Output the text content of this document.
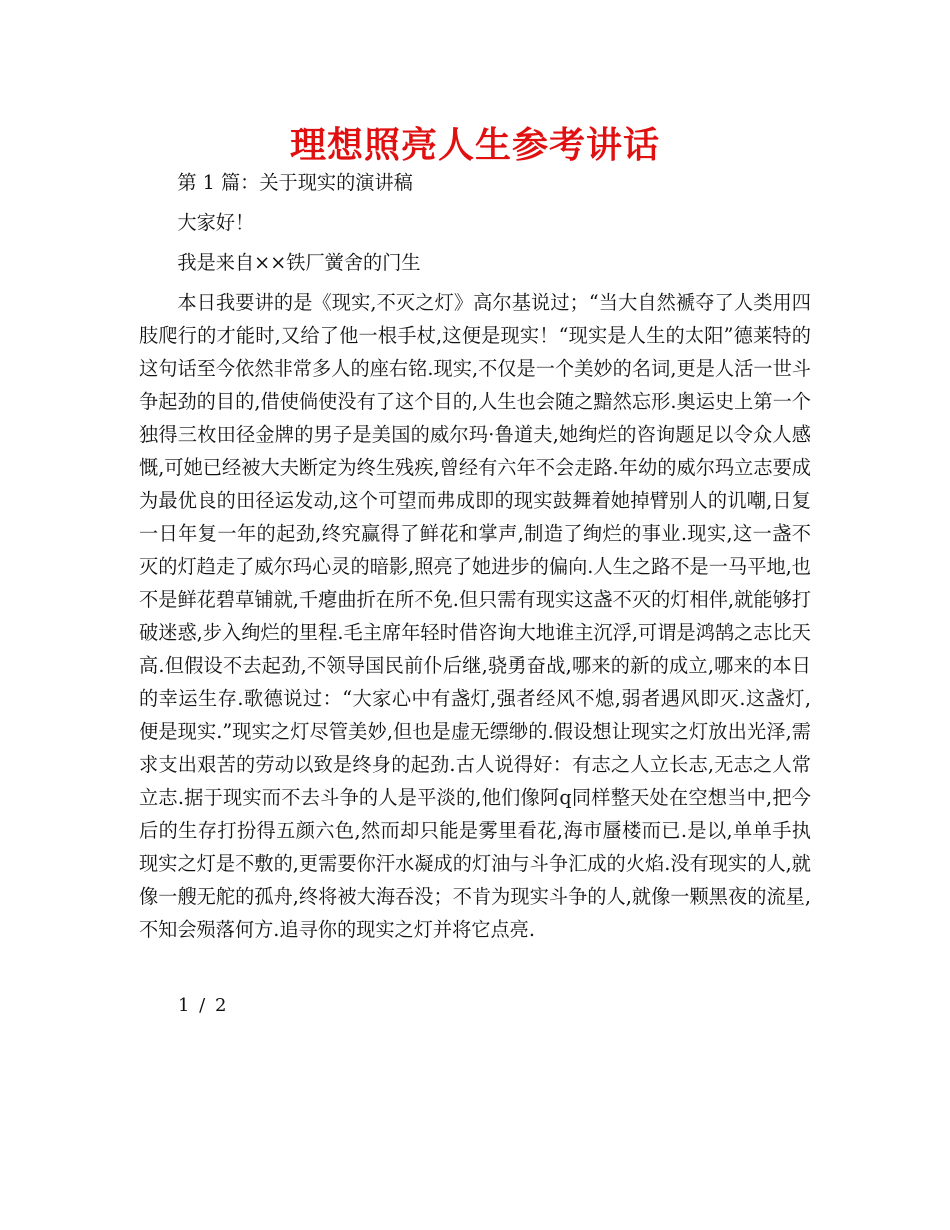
理想照亮人生参考讲话

第 1 篇：关于现实的演讲稿

大家好！

我是来自××铁厂黉舍的门生

本日我要讲的是《现实,不灭之灯》高尔基说过；“当大自然褫夺了人类用四肢爬行的才能时,又给了他一根手杖,这便是现实！“现实是人生的太阳”德莱特的这句话至今依然非常多人的座右铭.现实,不仅是一个美妙的名词,更是人活一世斗争起劲的目的,借使倘使没有了这个目的,人生也会随之黯然忘形.奥运史上第一个独得三枚田径金牌的男子是美国的威尔玛·鲁道夫,她绚烂的咨询题足以令众人感慨,可她已经被大夫断定为终生残疾,曾经有六年不会走路.年幼的威尔玛立志要成为最优良的田径运发动,这个可望而弗成即的现实鼓舞着她掉臂别人的讥嘲,日复一日年复一年的起劲,终究赢得了鲜花和掌声,制造了绚烂的事业.现实,这一盏不灭的灯趋走了威尔玛心灵的暗影,照亮了她进步的偏向.人生之路不是一马平地,也不是鲜花碧草铺就,千瘪曲折在所不免.但只需有现实这盏不灭的灯相伴,就能够打破迷惑,步入绚烂的里程.毛主席年轻时借咨询大地谁主沉浮,可谓是鸿鹄之志比天高.但假设不去起劲,不领导国民前仆后继,骁勇奋战,哪来的新的成立,哪来的本日的幸运生存.歌德说过：“大家心中有盏灯,强者经风不熄,弱者遇风即灭.这盏灯,便是现实.”现实之灯尽管美妙,但也是虚无缥缈的.假设想让现实之灯放出光泽,需求支出艰苦的劳动以致是终身的起劲.古人说得好：有志之人立长志,无志之人常立志.据于现实而不去斗争的人是平淡的,他们像阿q同样整天处在空想当中,把今后的生存打扮得五颜六色,然而却只能是雾里看花,海市蜃楼而已.是以,单单手执现实之灯是不敷的,更需要你汗水凝成的灯油与斗争汇成的火焰.没有现实的人,就像一艘无舵的孤舟,终将被大海吞没；不肯为现实斗争的人,就像一颗黑夜的流星,不知会殒落何方.追寻你的现实之灯并将它点亮.

1 / 2
